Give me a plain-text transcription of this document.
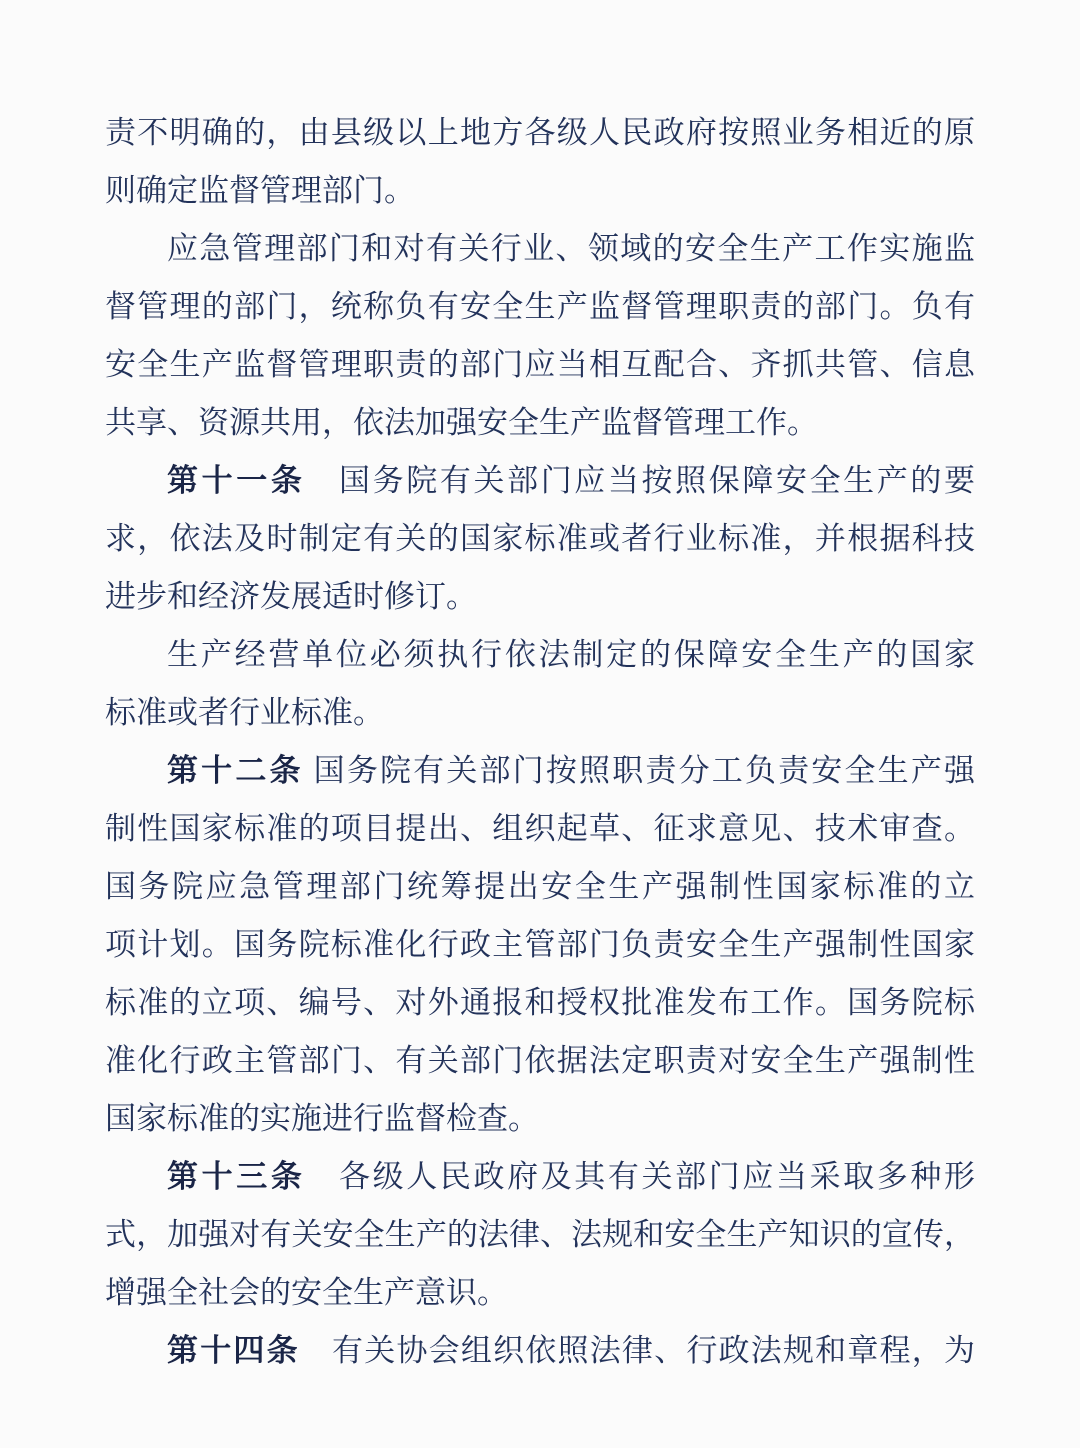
责不明确的，由县级以上地方各级人民政府按照业务相近的原
则确定监督管理部门。
应急管理部门和对有关行业、领域的安全生产工作实施监
督管理的部门，统称负有安全生产监督管理职责的部门。负有
安全生产监督管理职责的部门应当相互配合、齐抓共管、信息
共享、资源共用，依法加强安全生产监督管理工作。
第十一条　国务院有关部门应当按照保障安全生产的要
求，依法及时制定有关的国家标准或者行业标准，并根据科技
进步和经济发展适时修订。
生产经营单位必须执行依法制定的保障安全生产的国家
标准或者行业标准。
第十二条 国务院有关部门按照职责分工负责安全生产强
制性国家标准的项目提出、组织起草、征求意见、技术审查。
国务院应急管理部门统筹提出安全生产强制性国家标准的立
项计划。国务院标准化行政主管部门负责安全生产强制性国家
标准的立项、编号、对外通报和授权批准发布工作。国务院标
准化行政主管部门、有关部门依据法定职责对安全生产强制性
国家标准的实施进行监督检查。
第十三条　各级人民政府及其有关部门应当采取多种形
式，加强对有关安全生产的法律、法规和安全生产知识的宣传，
增强全社会的安全生产意识。
第十四条　有关协会组织依照法律、行政法规和章程，为
